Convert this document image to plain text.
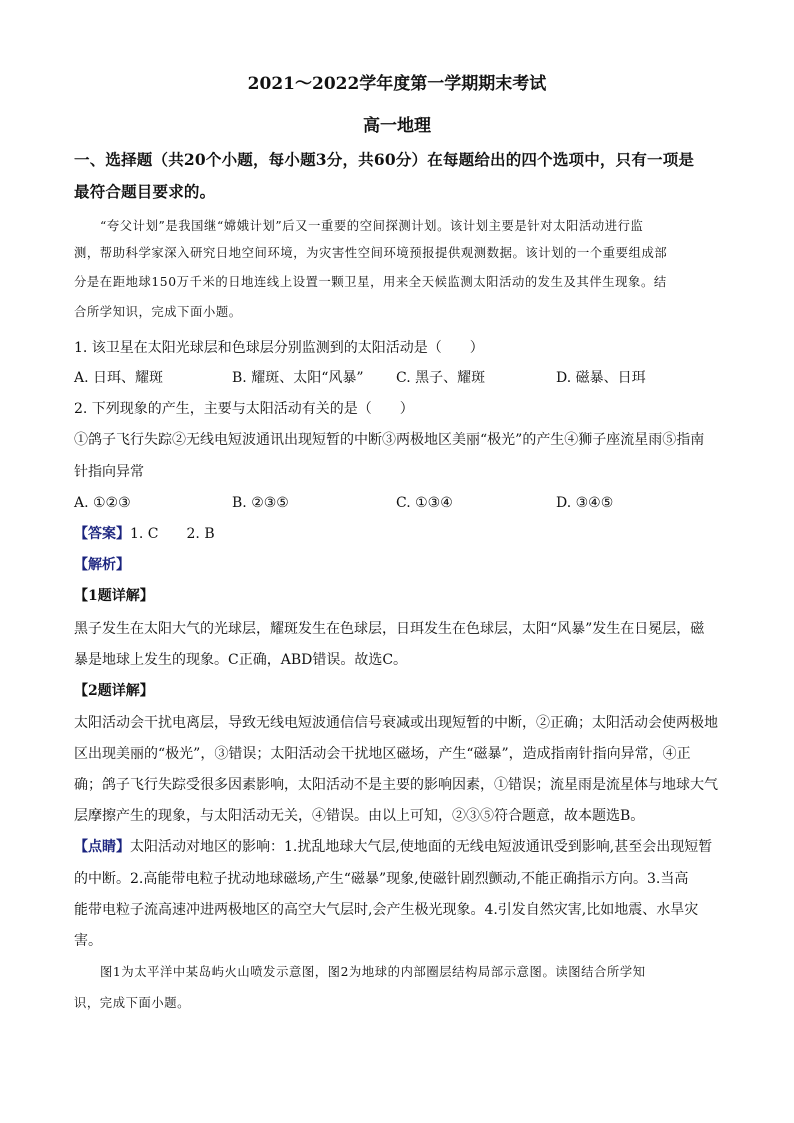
2021～2022学年度第一学期期末考试
高一地理
一、选择题（共20个小题，每小题3分，共60分）在每题给出的四个选项中，只有一项是
最符合题目要求的。
“夸父计划”是我国继“嫦娥计划”后又一重要的空间探测计划。该计划主要是针对太阳活动进行监
测，帮助科学家深入研究日地空间环境，为灾害性空间环境预报提供观测数据。该计划的一个重要组成部
分是在距地球150万千米的日地连线上设置一颗卫星，用来全天候监测太阳活动的发生及其伴生现象。结
合所学知识，完成下面小题。
1. 该卫星在太阳光球层和色球层分别监测到的太阳活动是（　　）
A. 日珥、耀斑	B. 耀斑、太阳“风暴” C. 黑子、耀斑	D. 磁暴、日珥
2. 下列现象的产生，主要与太阳活动有关的是（　　）
①鸽子飞行失踪②无线电短波通讯出现短暂的中断③两极地区美丽“极光”的产生④狮子座流星雨⑤指南
针指向异常
A. ①②③	B. ②③⑤	C. ①③④	D. ③④⑤
【答案】1. C　　2. B
【解析】
【1题详解】
黑子发生在太阳大气的光球层，耀斑发生在色球层，日珥发生在色球层，太阳“风暴”发生在日冕层，磁
暴是地球上发生的现象。C正确，ABD错误。故选C。
【2题详解】
太阳活动会干扰电离层，导致无线电短波通信信号衰减或出现短暂的中断，②正确；太阳活动会使两极地
区出现美丽的“极光”，③错误；太阳活动会干扰地区磁场，产生“磁暴”，造成指南针指向异常，④正
确；鸽子飞行失踪受很多因素影响，太阳活动不是主要的影响因素，①错误；流星雨是流星体与地球大气
层摩擦产生的现象，与太阳活动无关，④错误。由以上可知，②③⑤符合题意，故本题选B。
【点睛】太阳活动对地区的影响：1.扰乱地球大气层,使地面的无线电短波通讯受到影响,甚至会出现短暂
的中断。2.高能带电粒子扰动地球磁场,产生“磁暴”现象,使磁针剧烈颤动,不能正确指示方向。3.当高
能带电粒子流高速冲进两极地区的高空大气层时,会产生极光现象。4.引发自然灾害,比如地震、水旱灾
害。
图1为太平洋中某岛屿火山喷发示意图，图2为地球的内部圈层结构局部示意图。读图结合所学知
识，完成下面小题。
